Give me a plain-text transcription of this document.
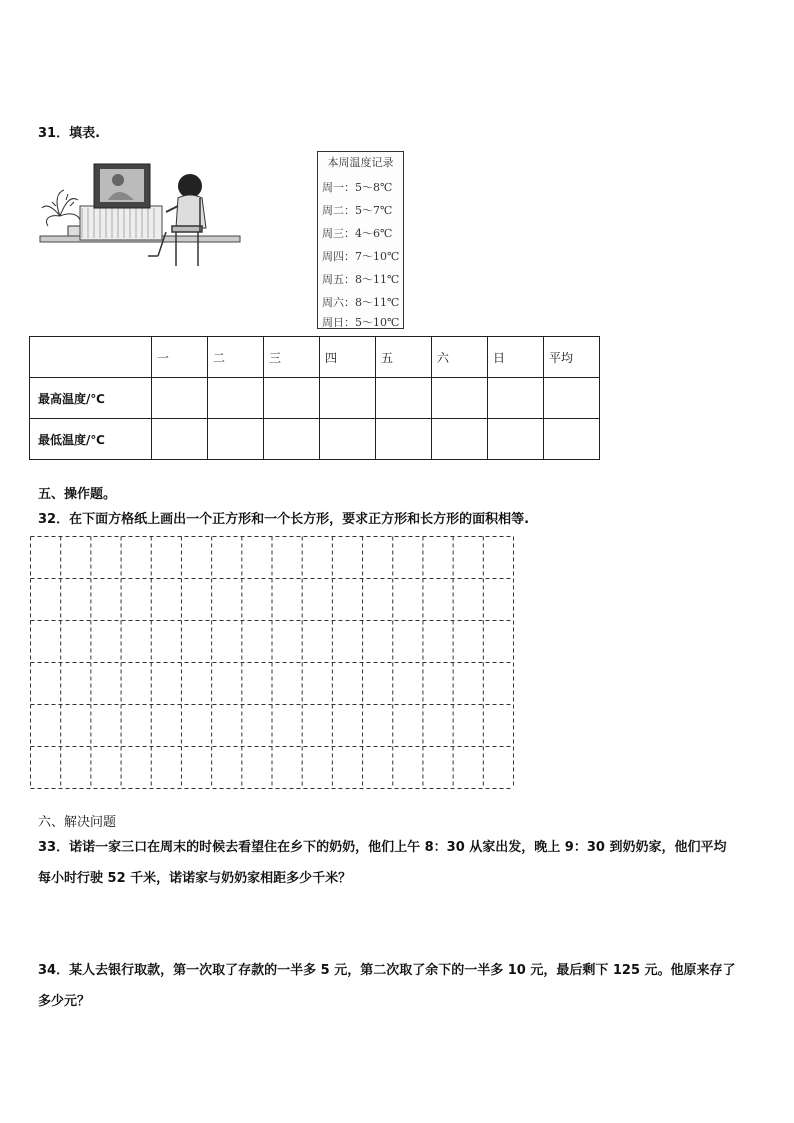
31．填表.
本周温度记录
周一：5～8℃
周二：5～7℃
周三：4～6℃
周四：7～10℃
周五：8～11℃
周六：8～11℃
周日：5～10℃
	一	二	三	四	五	六	日	平均
最高温度/℃								
最低温度/℃								
五、操作题。
32．在下面方格纸上画出一个正方形和一个长方形，要求正方形和长方形的面积相等.
六、解决问题
33．诺诺一家三口在周末的时候去看望住在乡下的奶奶，他们上午 8：30 从家出发，晚上 9：30 到奶奶家，他们平均
每小时行驶 52 千米，诺诺家与奶奶家相距多少千米？
34．某人去银行取款，第一次取了存款的一半多 5 元，第二次取了余下的一半多 10 元，最后剩下 125 元。他原来存了
多少元？
